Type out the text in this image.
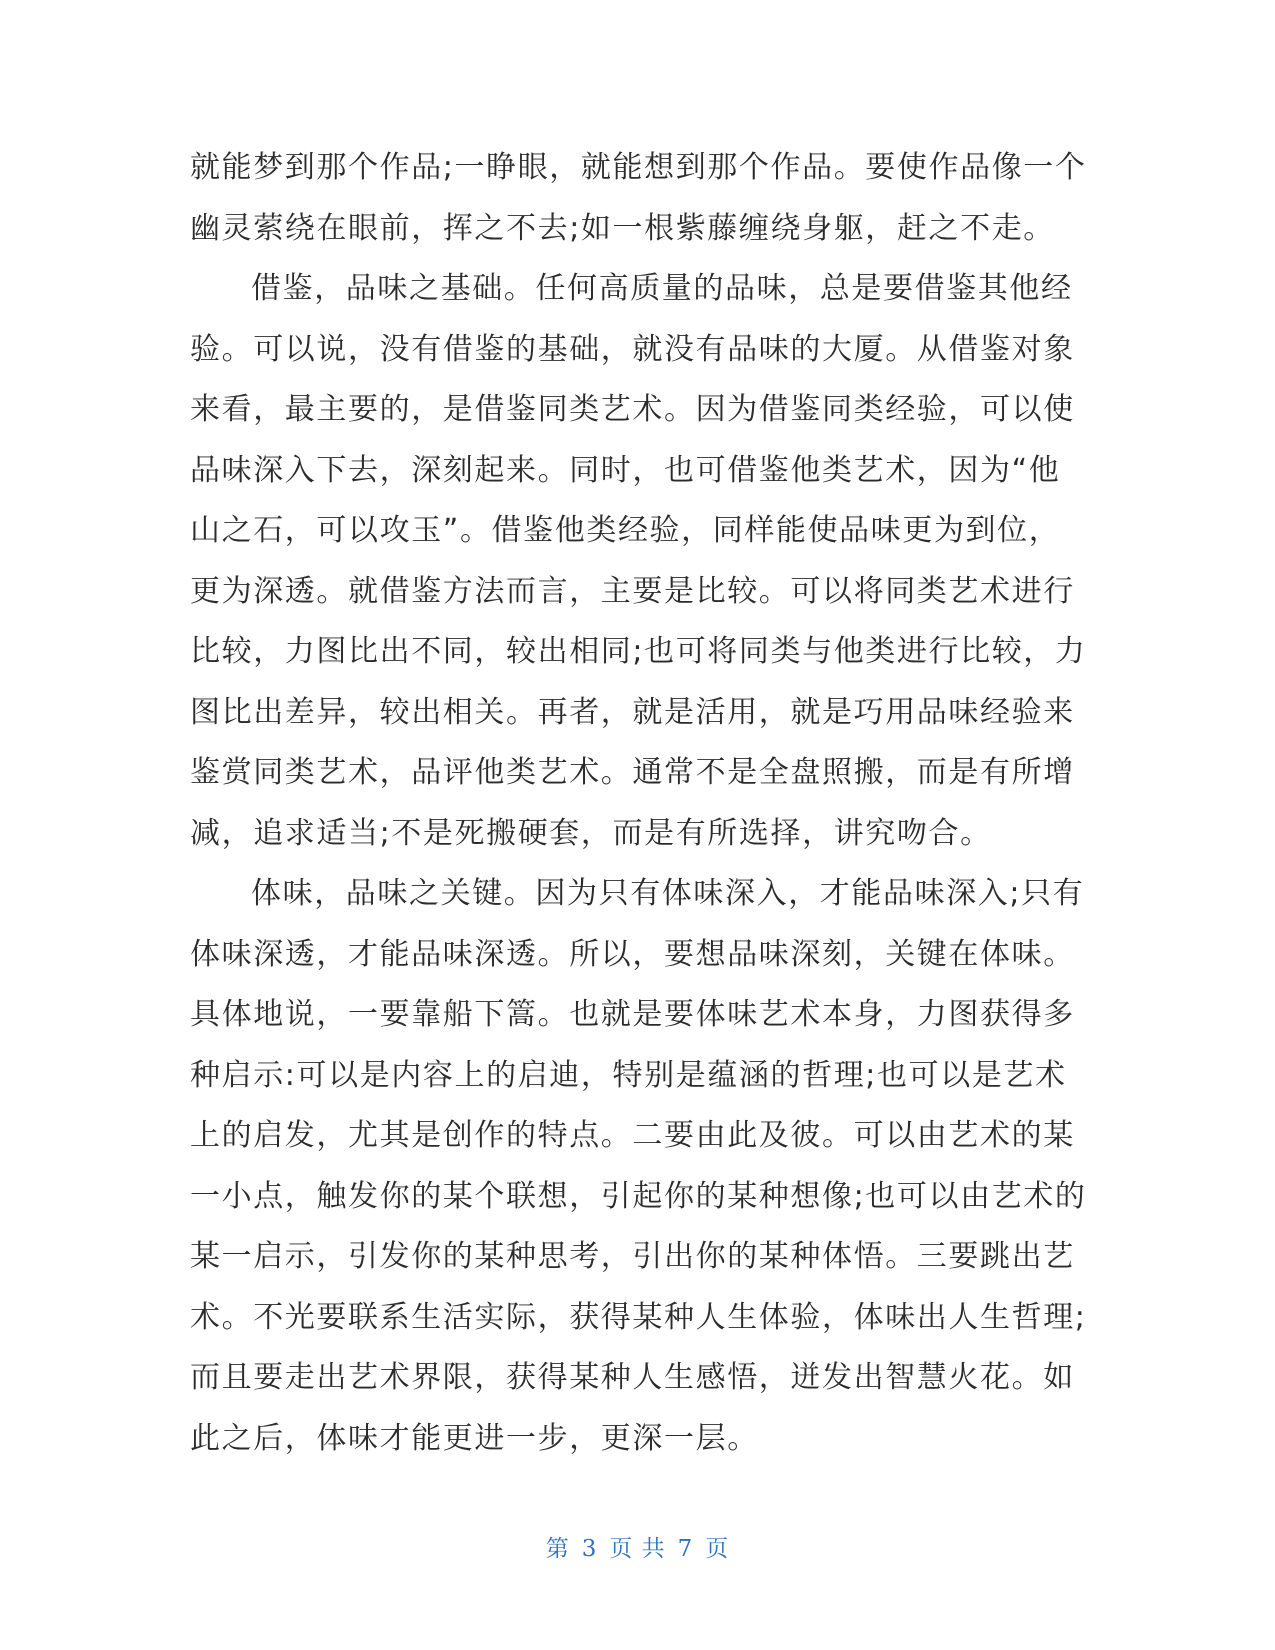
就能梦到那个作品;一睁眼，就能想到那个作品。要使作品像一个
幽灵萦绕在眼前，挥之不去;如一根紫藤缠绕身躯，赶之不走。
借鉴，品味之基础。任何高质量的品味，总是要借鉴其他经
验。可以说，没有借鉴的基础，就没有品味的大厦。从借鉴对象
来看，最主要的，是借鉴同类艺术。因为借鉴同类经验，可以使
品味深入下去，深刻起来。同时，也可借鉴他类艺术，因为“他
山之石，可以攻玉”。借鉴他类经验，同样能使品味更为到位，
更为深透。就借鉴方法而言，主要是比较。可以将同类艺术进行
比较，力图比出不同，较出相同;也可将同类与他类进行比较，力
图比出差异，较出相关。再者，就是活用，就是巧用品味经验来
鉴赏同类艺术，品评他类艺术。通常不是全盘照搬，而是有所增
减，追求适当;不是死搬硬套，而是有所选择，讲究吻合。
体味，品味之关键。因为只有体味深入，才能品味深入;只有
体味深透，才能品味深透。所以，要想品味深刻，关键在体味。
具体地说，一要靠船下篙。也就是要体味艺术本身，力图获得多
种启示:可以是内容上的启迪，特别是蕴涵的哲理;也可以是艺术
上的启发，尤其是创作的特点。二要由此及彼。可以由艺术的某
一小点，触发你的某个联想，引起你的某种想像;也可以由艺术的
某一启示，引发你的某种思考，引出你的某种体悟。三要跳出艺
术。不光要联系生活实际，获得某种人生体验，体味出人生哲理;
而且要走出艺术界限，获得某种人生感悟，迸发出智慧火花。如
此之后，体味才能更进一步，更深一层。
第 3 页 共 7 页
